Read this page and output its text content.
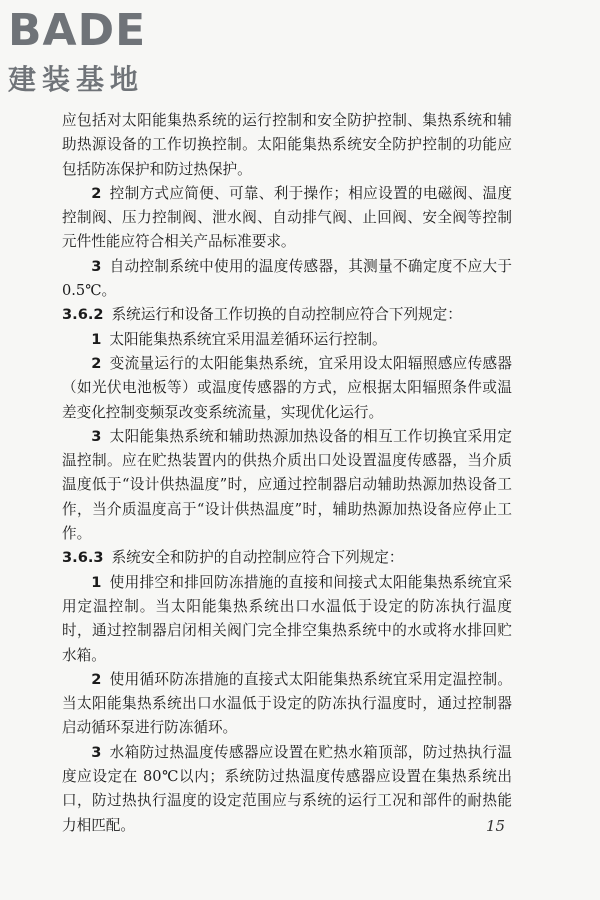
BADE
建装基地

应包括对太阳能集热系统的运行控制和安全防护控制、集热系统和辅助热源设备的工作切换控制。太阳能集热系统安全防护控制的功能应包括防冻保护和防过热保护。

2 控制方式应简便、可靠、利于操作；相应设置的电磁阀、温度控制阀、压力控制阀、泄水阀、自动排气阀、止回阀、安全阀等控制元件性能应符合相关产品标准要求。

3 自动控制系统中使用的温度传感器，其测量不确定度不应大于 0.5℃。

3.6.2 系统运行和设备工作切换的自动控制应符合下列规定：

1 太阳能集热系统宜采用温差循环运行控制。

2 变流量运行的太阳能集热系统，宜采用设太阳辐照感应传感器（如光伏电池板等）或温度传感器的方式，应根据太阳辐照条件或温差变化控制变频泵改变系统流量，实现优化运行。

3 太阳能集热系统和辅助热源加热设备的相互工作切换宜采用定温控制。应在贮热装置内的供热介质出口处设置温度传感器，当介质温度低于“设计供热温度”时，应通过控制器启动辅助热源加热设备工作，当介质温度高于“设计供热温度”时，辅助热源加热设备应停止工作。

3.6.3 系统安全和防护的自动控制应符合下列规定：

1 使用排空和排回防冻措施的直接和间接式太阳能集热系统宜采用定温控制。当太阳能集热系统出口水温低于设定的防冻执行温度时，通过控制器启闭相关阀门完全排空集热系统中的水或将水排回贮水箱。

2 使用循环防冻措施的直接式太阳能集热系统宜采用定温控制。当太阳能集热系统出口水温低于设定的防冻执行温度时，通过控制器启动循环泵进行防冻循环。

3 水箱防过热温度传感器应设置在贮热水箱顶部，防过热执行温度应设定在 80℃以内；系统防过热温度传感器应设置在集热系统出口，防过热执行温度的设定范围应与系统的运行工况和部件的耐热能力相匹配。	15
